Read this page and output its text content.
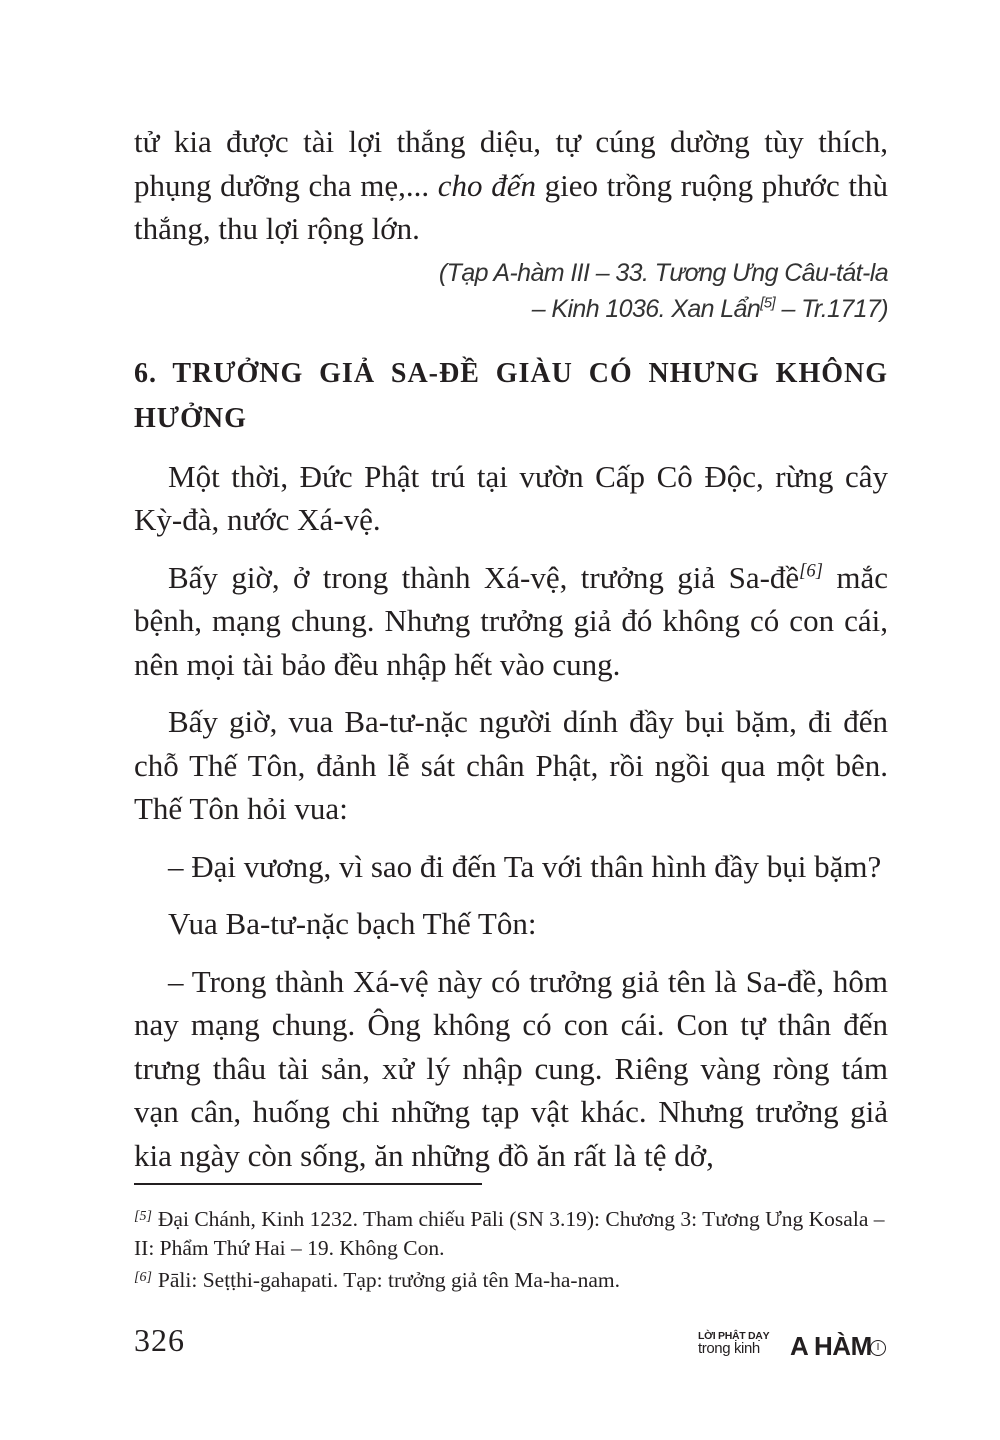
tử kia được tài lợi thắng diệu, tự cúng dường tùy thích, phụng dưỡng cha mẹ,... cho đến gieo trồng ruộng phước thù thắng, thu lợi rộng lớn.

(Tạp A-hàm III – 33. Tương Ưng Câu-tát-la
– Kinh 1036. Xan Lẩn[5] – Tr.1717)
6. TRƯỞNG GIẢ SA-ĐỀ GIÀU CÓ NHƯNG KHÔNG HƯỞNG

Một thời, Đức Phật trú tại vườn Cấp Cô Độc, rừng cây Kỳ-đà, nước Xá-vệ.

Bấy giờ, ở trong thành Xá-vệ, trưởng giả Sa-đề[6] mắc bệnh, mạng chung. Nhưng trưởng giả đó không có con cái, nên mọi tài bảo đều nhập hết vào cung.

Bấy giờ, vua Ba-tư-nặc người dính đầy bụi bặm, đi đến chỗ Thế Tôn, đảnh lễ sát chân Phật, rồi ngồi qua một bên. Thế Tôn hỏi vua:

– Đại vương, vì sao đi đến Ta với thân hình đầy bụi bặm?

Vua Ba-tư-nặc bạch Thế Tôn:

– Trong thành Xá-vệ này có trưởng giả tên là Sa-đề, hôm nay mạng chung. Ông không có con cái. Con tự thân đến trưng thâu tài sản, xử lý nhập cung. Riêng vàng ròng tám vạn cân, huống chi những tạp vật khác. Nhưng trưởng giả kia ngày còn sống, ăn những đồ ăn rất là tệ dở,

[5] Đại Chánh, Kinh 1232. Tham chiếu Pāli (SN 3.19): Chương 3: Tương Ưng Kosala – II: Phẩm Thứ Hai – 19. Không Con.

[6] Pāli: Seṭṭhi-gahapati. Tạp: trưởng giả tên Ma-ha-nam.

326	LỜI PHẬT DẠY
trong kinh A HÀM I
